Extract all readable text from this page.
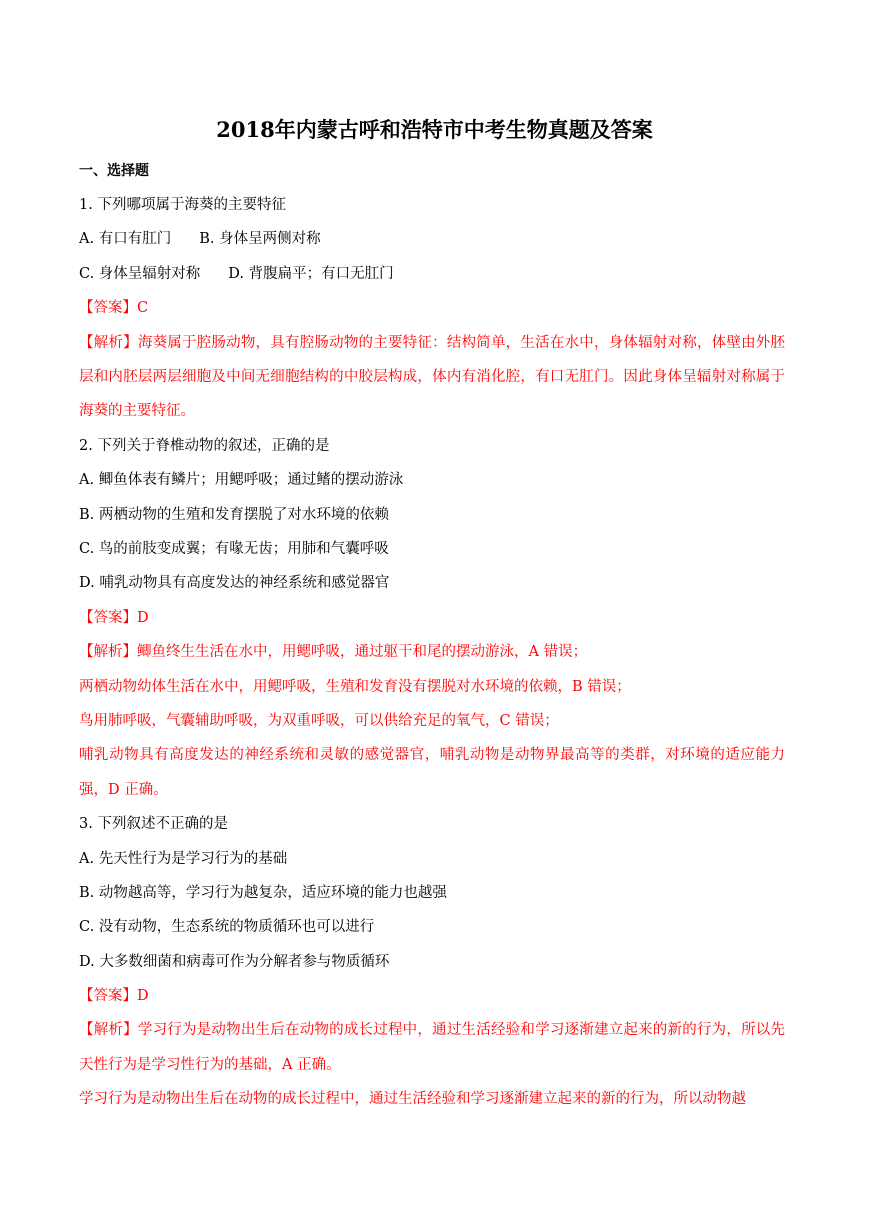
2018年内蒙古呼和浩特市中考生物真题及答案
一、选择题
1. 下列哪项属于海葵的主要特征
A. 有口有肛门 B. 身体呈两侧对称
C. 身体呈辐射对称 D. 背腹扁平；有口无肛门
【答案】C
【解析】海葵属于腔肠动物，具有腔肠动物的主要特征：结构简单，生活在水中，身体辐射对称，体壁由外胚层和内胚层两层细胞及中间无细胞结构的中胶层构成，体内有消化腔，有口无肛门。因此身体呈辐射对称属于海葵的主要特征。
2. 下列关于脊椎动物的叙述，正确的是
A. 鲫鱼体表有鳞片；用鳃呼吸；通过鳍的摆动游泳
B. 两栖动物的生殖和发育摆脱了对水环境的依赖
C. 鸟的前肢变成翼；有喙无齿；用肺和气囊呼吸
D. 哺乳动物具有高度发达的神经系统和感觉器官
【答案】D
【解析】鲫鱼终生生活在水中，用鳃呼吸，通过躯干和尾的摆动游泳，A 错误；
两栖动物幼体生活在水中，用鳃呼吸，生殖和发育没有摆脱对水环境的依赖，B 错误；
鸟用肺呼吸，气囊辅助呼吸，为双重呼吸，可以供给充足的氧气，C 错误；
哺乳动物具有高度发达的神经系统和灵敏的感觉器官，哺乳动物是动物界最高等的类群，对环境的适应能力强，D 正确。
3. 下列叙述不正确的是
A. 先天性行为是学习行为的基础
B. 动物越高等，学习行为越复杂，适应环境的能力也越强
C. 没有动物，生态系统的物质循环也可以进行
D. 大多数细菌和病毒可作为分解者参与物质循环
【答案】D
【解析】学习行为是动物出生后在动物的成长过程中，通过生活经验和学习逐渐建立起来的新的行为，所以先天性行为是学习性行为的基础，A 正确。
学习行为是动物出生后在动物的成长过程中，通过生活经验和学习逐渐建立起来的新的行为，所以动物越
